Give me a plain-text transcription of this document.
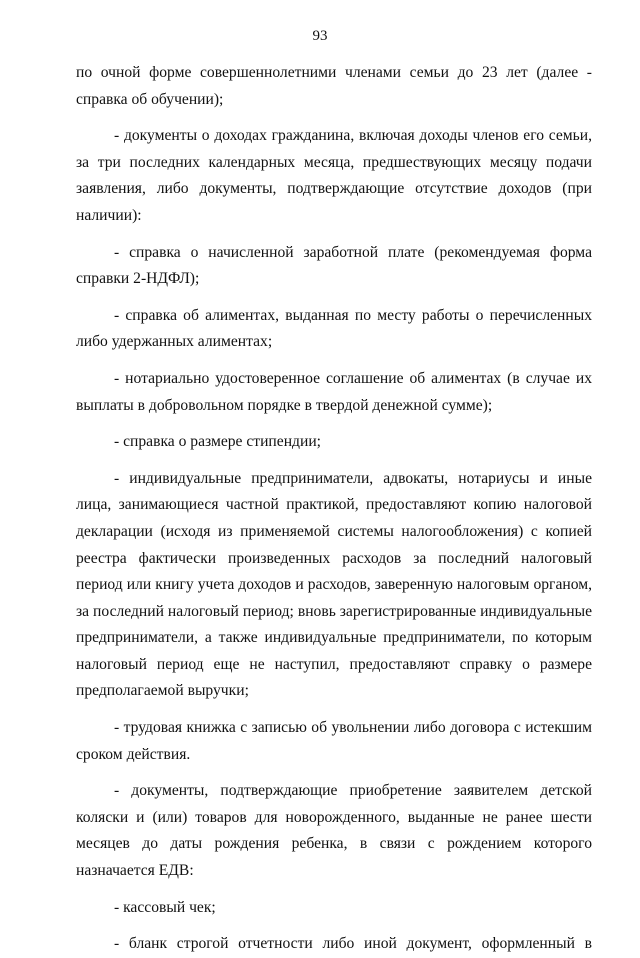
93

по очной форме совершеннолетними членами семьи до 23 лет (далее - справка об обучении);

- документы о доходах гражданина, включая доходы членов его семьи, за три последних календарных месяца, предшествующих месяцу подачи заявления, либо документы, подтверждающие отсутствие доходов (при наличии):

- справка о начисленной заработной плате (рекомендуемая форма справки 2-НДФЛ);

- справка об алиментах, выданная по месту работы о перечисленных либо удержанных алиментах;

- нотариально удостоверенное соглашение об алиментах (в случае их выплаты в добровольном порядке в твердой денежной сумме);

- справка о размере стипендии;

- индивидуальные предприниматели, адвокаты, нотариусы и иные лица, занимающиеся частной практикой, предоставляют копию налоговой декларации (исходя из применяемой системы налогообложения) с копией реестра фактически произведенных расходов за последний налоговый период или книгу учета доходов и расходов, заверенную налоговым органом, за последний налоговый период; вновь зарегистрированные индивидуальные предприниматели, а также индивидуальные предприниматели, по которым налоговый период еще не наступил, предоставляют справку о размере предполагаемой выручки;

- трудовая книжка с записью об увольнении либо договора с истекшим сроком действия.

- документы, подтверждающие приобретение заявителем детской коляски и (или) товаров для новорожденного, выданные не ранее шести месяцев до даты рождения ребенка, в связи с рождением которого назначается ЕДВ:

- кассовый чек;

- бланк строгой отчетности либо иной документ, оформленный в
